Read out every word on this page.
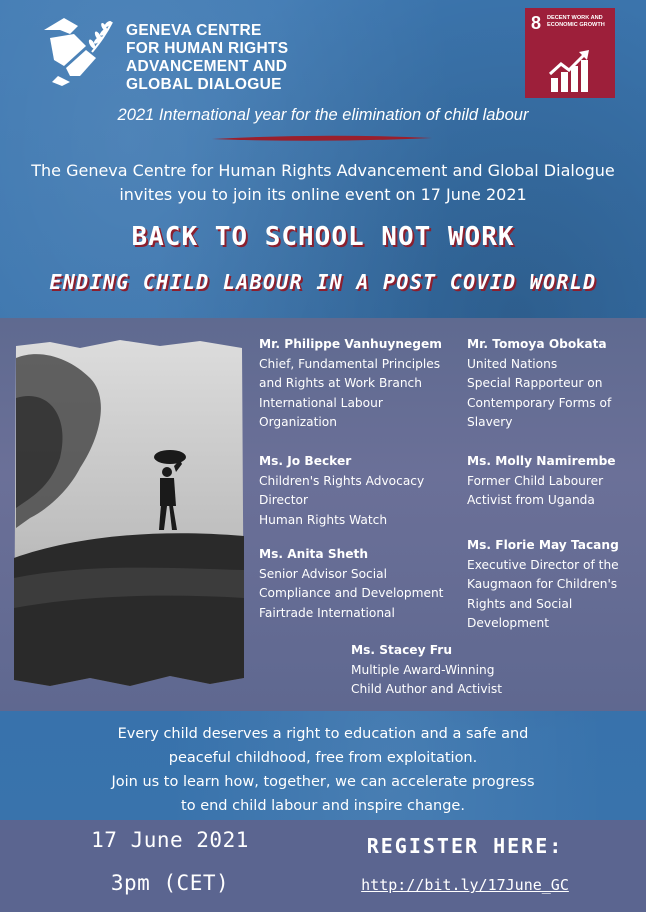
GENEVA CENTRE
FOR HUMAN RIGHTS
ADVANCEMENT AND
GLOBAL DIALOGUE
8 DECENT WORK AND
ECONOMIC GROWTH
2021 International year for the elimination of child labour
The Geneva Centre for Human Rights Advancement and Global Dialogue
invites you to join its online event on 17 June 2021
BACK TO SCHOOL NOT WORK
ENDING CHILD LABOUR IN A POST COVID WORLD
Mr. Philippe Vanhuynegem
Chief, Fundamental Principles
and Rights at Work Branch
International Labour
Organization
Mr. Tomoya Obokata
United Nations
Special Rapporteur on
Contemporary Forms of
Slavery
Ms. Jo Becker
Children's Rights Advocacy
Director
Human Rights Watch
Ms. Molly Namirembe
Former Child Labourer
Activist from Uganda
Ms. Anita Sheth
Senior Advisor Social
Compliance and Development
Fairtrade International
Ms. Florie May Tacang
Executive Director of the
Kaugmaon for Children's
Rights and Social
Development
Ms. Stacey Fru
Multiple Award-Winning
Child Author and Activist
Every child deserves a right to education and a safe and
peaceful childhood, free from exploitation.
Join us to learn how, together, we can accelerate progress
to end child labour and inspire change.
17 June 2021
3pm (CET)
REGISTER HERE:
http://bit.ly/17June_GC
